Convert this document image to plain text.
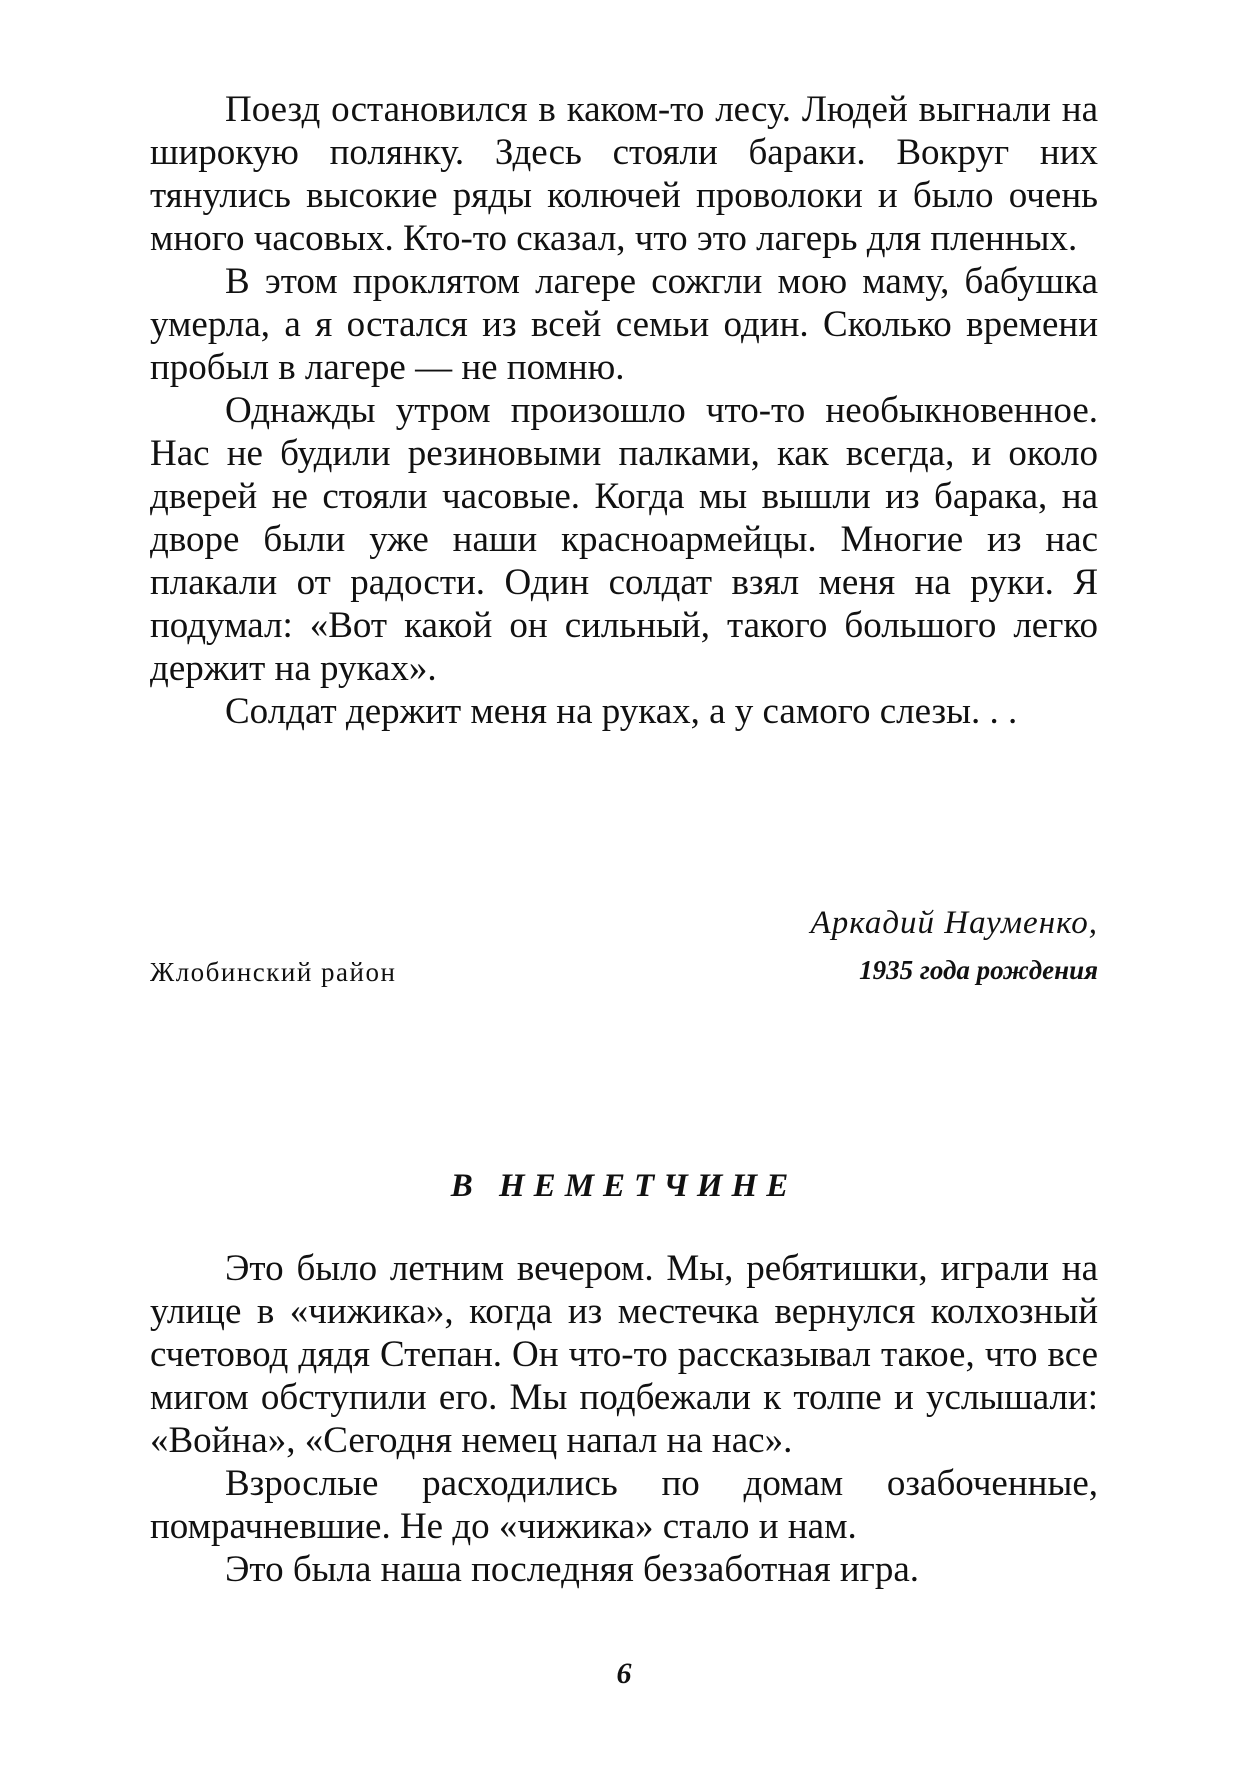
Поезд остановился в каком-то лесу. Людей выгнали на широкую полянку. Здесь стояли бараки. Вокруг них тянулись высокие ряды колючей проволоки и было очень много часовых. Кто-то сказал, что это лагерь для пленных.

В этом проклятом лагере сожгли мою маму, бабушка умерла, а я остался из всей семьи один. Сколько времени пробыл в лагере — не помню.

Однажды утром произошло что-то необыкновенное. Нас не будили резиновыми палками, как всегда, и около дверей не стояли часовые. Когда мы вышли из барака, на дворе были уже наши красноармейцы. Многие из нас плакали от радости. Один солдат взял меня на руки. Я подумал: «Вот какой он сильный, такого большого легко держит на руках».

Солдат держит меня на руках, а у самого слезы. . .

Аркадий Науменко,
Жлобинский район	1935 года рождения
В НЕМЕТЧИНЕ

Это было летним вечером. Мы, ребятишки, играли на улице в «чижика», когда из местечка вернулся колхозный счетовод дядя Степан. Он что-то рассказывал такое, что все мигом обступили его. Мы подбежали к толпе и услышали: «Война», «Сегодня немец напал на нас».

Взрослые расходились по домам озабоченные, помрачневшие. Не до «чижика» стало и нам.

Это была наша последняя беззаботная игра.

6
